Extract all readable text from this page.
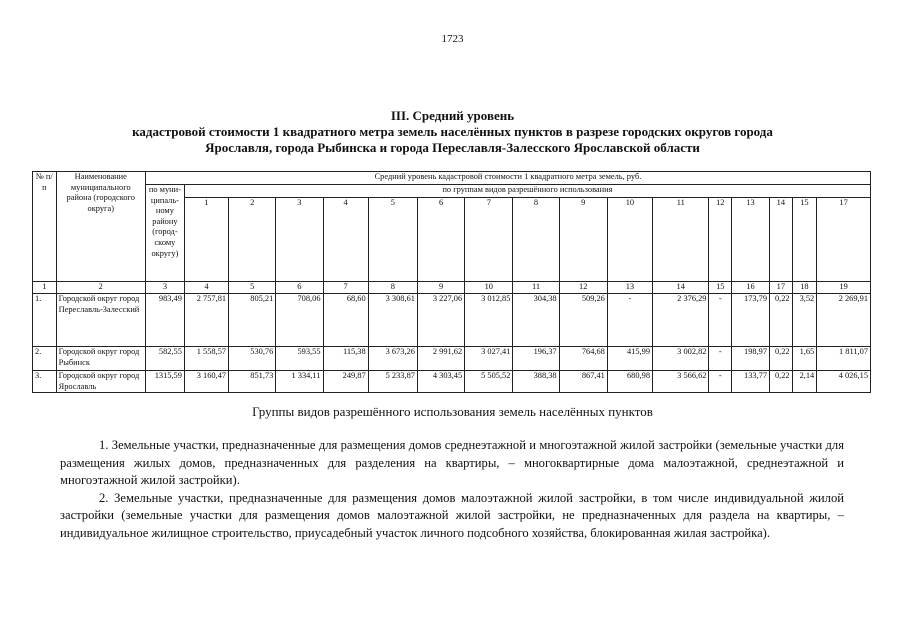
1723
III. Средний уровень
кадастровой стоимости 1 квадратного метра земель населённых пунктов в разрезе городских округов города
Ярославля, города Рыбинска и города Переславля-Залесского Ярославской области
№ п/п	Наименование муниципального района (городского округа)	Средний уровень кадастровой стоимости 1 квадратного метра земель, руб.																
		по муни-ципаль-ному району (город-скому округу)	по группам видов разрешённого использования															
			1	2	3	4	5	6	7	8	9	10	11	12	13	14	15	17
1	2	3	4	5	6	7	8	9	10	11	12	13	14	15	16	17	18	19
1.	Городской округ город Переславль-Залесский	983,49	2 757,81	805,21	708,06	68,60	3 308,61	3 227,06	3 012,85	304,38	509,26	-	2 376,29	-	173,79	0,22	3,52	2 269,91
2.	Городской округ город Рыбинск	582,55	1 558,57	530,76	593,55	115,38	3 673,26	2 991,62	3 027,41	196,37	764,68	415,99	3 002,82	-	198,97	0,22	1,65	1 811,07
3.	Городской округ город Ярославль	1315,59	3 160,47	851,73	1 334,11	249,87	5 233,87	4 303,45	5 505,52	388,38	867,41	680,98	3 566,62	-	133,77	0,22	2,14	4 026,15
Группы видов разрешённого использования земель населённых пунктов

1. Земельные участки, предназначенные для размещения домов среднеэтажной и многоэтажной жилой застройки (земельные участки для размещения жилых домов, предназначенных для разделения на квартиры, – многоквартирные дома малоэтажной, среднеэтажной и многоэтажной жилой застройки).

2. Земельные участки, предназначенные для размещения домов малоэтажной жилой застройки, в том числе индивидуальной жилой застройки (земельные участки для размещения домов малоэтажной жилой застройки, не предназначенных для раздела на квартиры, – индивидуальное жилищное строительство, приусадебный участок личного подсобного хозяйства, блокированная жилая застройка).
